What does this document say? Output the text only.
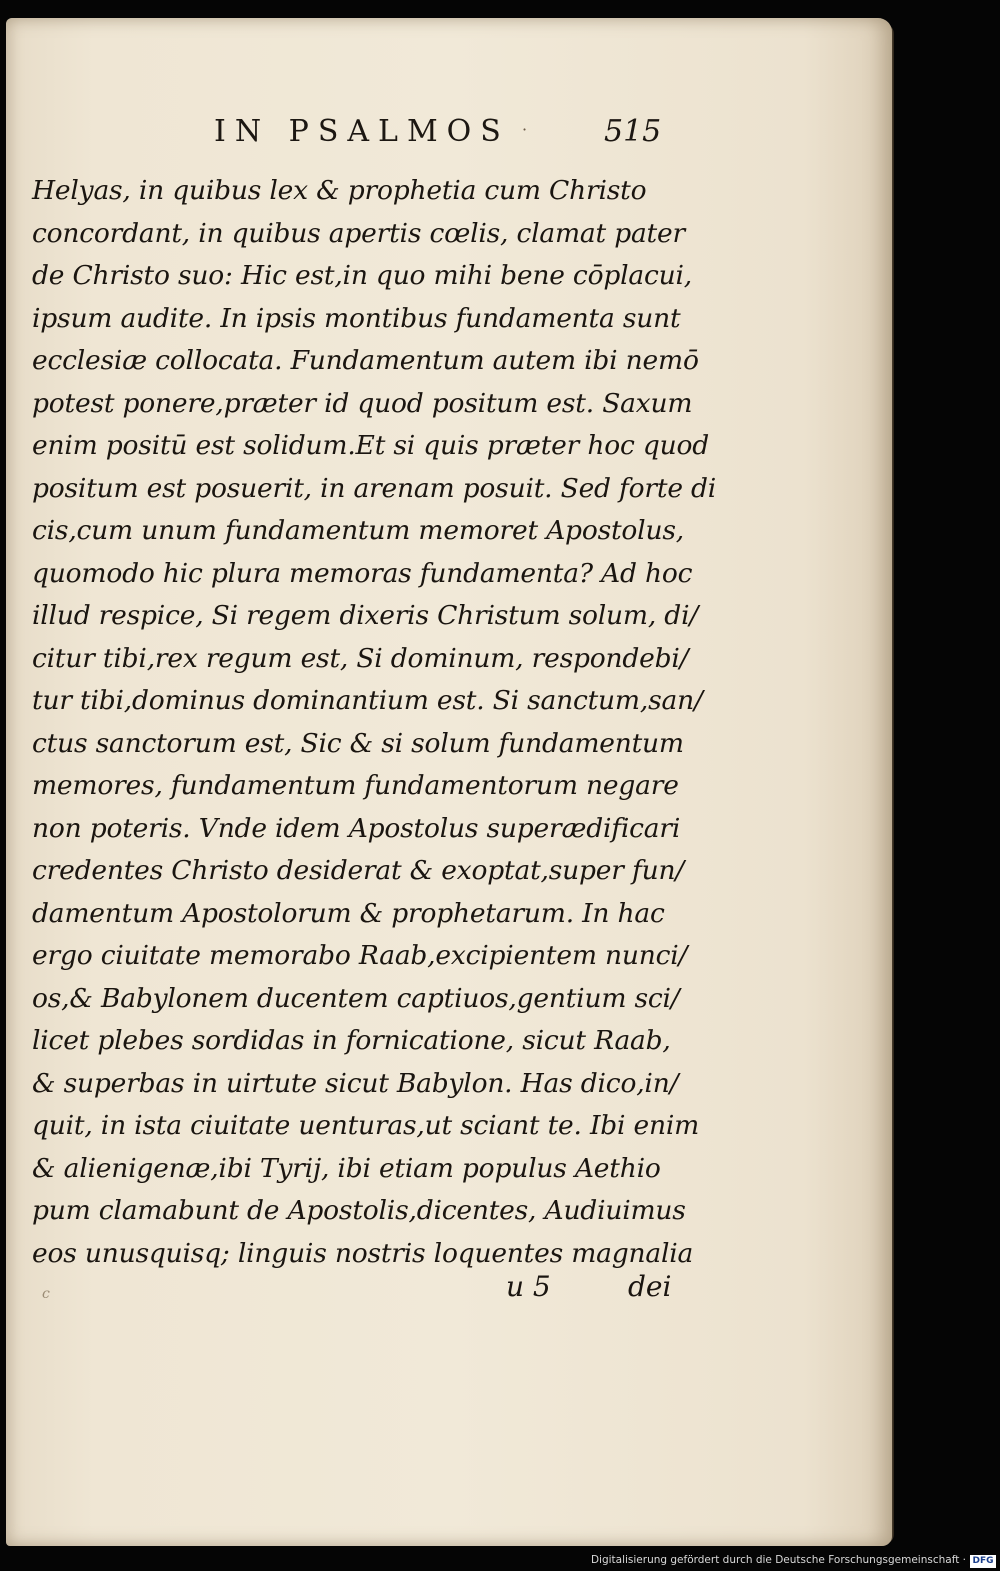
IN PSALMOS ·	515
Helyas, in quibus lex & prophetia cum Christo
concordant, in quibus apertis cœlis, clamat pater
de Christo suo: Hic est,in quo mihi bene cōplacui,
ipsum audite. In ipsis montibus fundamenta sunt
ecclesiæ collocata. Fundamentum autem ibi nemō
potest ponere,præter id quod positum est. Saxum
enim positū est solidum.Et si quis præter hoc quod
positum est posuerit, in arenam posuit. Sed forte di
cis,cum unum fundamentum memoret Apostolus,
quomodo hic plura memoras fundamenta? Ad hoc
illud respice, Si regem dixeris Christum solum, di/
citur tibi,rex regum est, Si dominum, respondebi/
tur tibi,dominus dominantium est. Si sanctum,san/
ctus sanctorum est, Sic & si solum fundamentum
memores, fundamentum fundamentorum negare
non poteris. Vnde idem Apostolus superædificari
credentes Christo desiderat & exoptat,super fun/
damentum Apostolorum & prophetarum. In hac
ergo ciuitate memorabo Raab,excipientem nunci/
os,& Babylonem ducentem captiuos,gentium sci/
licet plebes sordidas in fornicatione, sicut Raab,
& superbas in uirtute sicut Babylon. Has dico,in/
quit, in ista ciuitate uenturas,ut sciant te. Ibi enim
& alienigenæ,ibi Tyrij, ibi etiam populus Aethio
pum clamabunt de Apostolis,dicentes, Audiuimus
eos unusquisq; linguis nostris loquentes magnalia
c	u 5	dei
Digitalisierung gefördert durch die Deutsche Forschungsgemeinschaft · DFG
